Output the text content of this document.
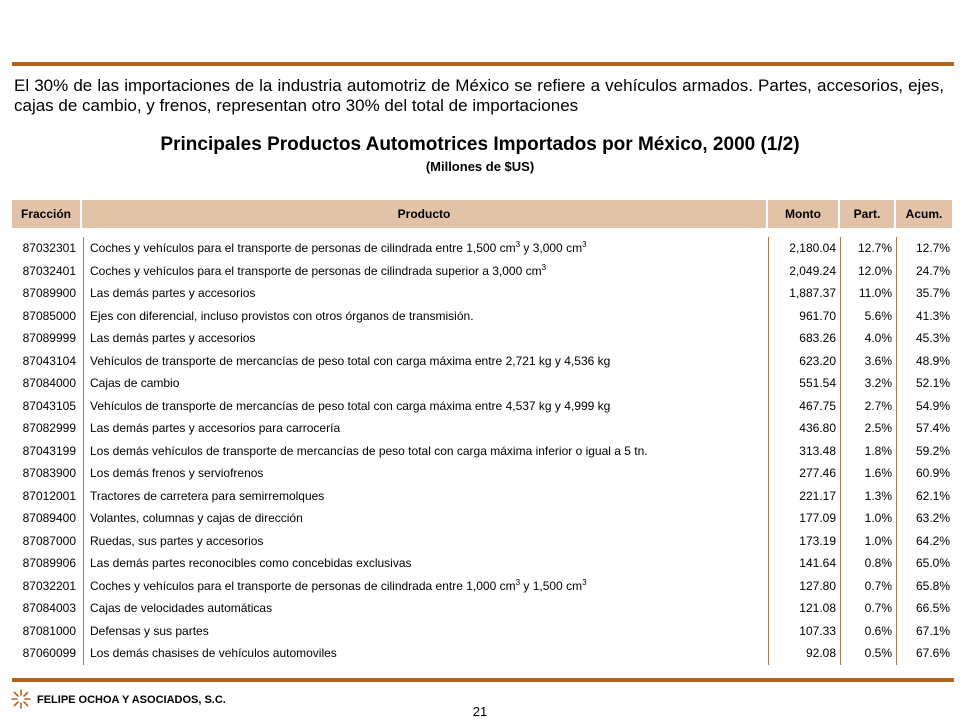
El 30% de las importaciones de la industria automotriz de México se refiere a vehículos armados. Partes, accesorios, ejes, cajas de cambio, y frenos, representan otro 30% del total de importaciones
Principales Productos Automotrices Importados por México, 2000 (1/2)
(Millones de $US)
Fracción	Producto	Monto	Part.	Acum.
87032301	Coches y vehículos para el transporte de personas de cilindrada entre 1,500 $cm^3$ y 3,000 $cm^3$	2,180.04	12.7%	12.7%
87032401	Coches y vehículos para el transporte de personas de cilindrada superior a 3,000 $cm^3$	2,049.24	12.0%	24.7%
87089900	Las demás partes y accesorios	1,887.37	11.0%	35.7%
87085000	Ejes con diferencial, incluso provistos con otros órganos de transmisión.	961.70	5.6%	41.3%
87089999	Las demás partes y accesorios	683.26	4.0%	45.3%
87043104	Vehículos de transporte de mercancías de peso total con carga máxima entre 2,721 kg y 4,536 kg	623.20	3.6%	48.9%
87084000	Cajas de cambio	551.54	3.2%	52.1%
87043105	Vehículos de transporte de mercancías de peso total con carga máxima entre 4,537 kg y 4,999 kg	467.75	2.7%	54.9%
87082999	Las demás partes y accesorios para carrocería	436.80	2.5%	57.4%
87043199	Los demás vehículos de transporte de mercancías de peso total con carga máxima inferior o igual a 5 tn.	313.48	1.8%	59.2%
87083900	Los demás frenos y serviofrenos	277.46	1.6%	60.9%
87012001	Tractores de carretera para semirremolques	221.17	1.3%	62.1%
87089400	Volantes, columnas y cajas de dirección	177.09	1.0%	63.2%
87087000	Ruedas, sus partes y accesorios	173.19	1.0%	64.2%
87089906	Las demás partes reconocibles como concebidas exclusivas	141.64	0.8%	65.0%
87032201	Coches y vehículos para el transporte de personas de cilindrada entre 1,000 $cm^3$ y 1,500 $cm^3$	127.80	0.7%	65.8%
87084003	Cajas de velocidades automáticas	121.08	0.7%	66.5%
87081000	Defensas y sus partes	107.33	0.6%	67.1%
87060099	Los demás chasises de vehículos automoviles	92.08	0.5%	67.6%
FELIPE OCHOA Y ASOCIADOS, S.C.
21
